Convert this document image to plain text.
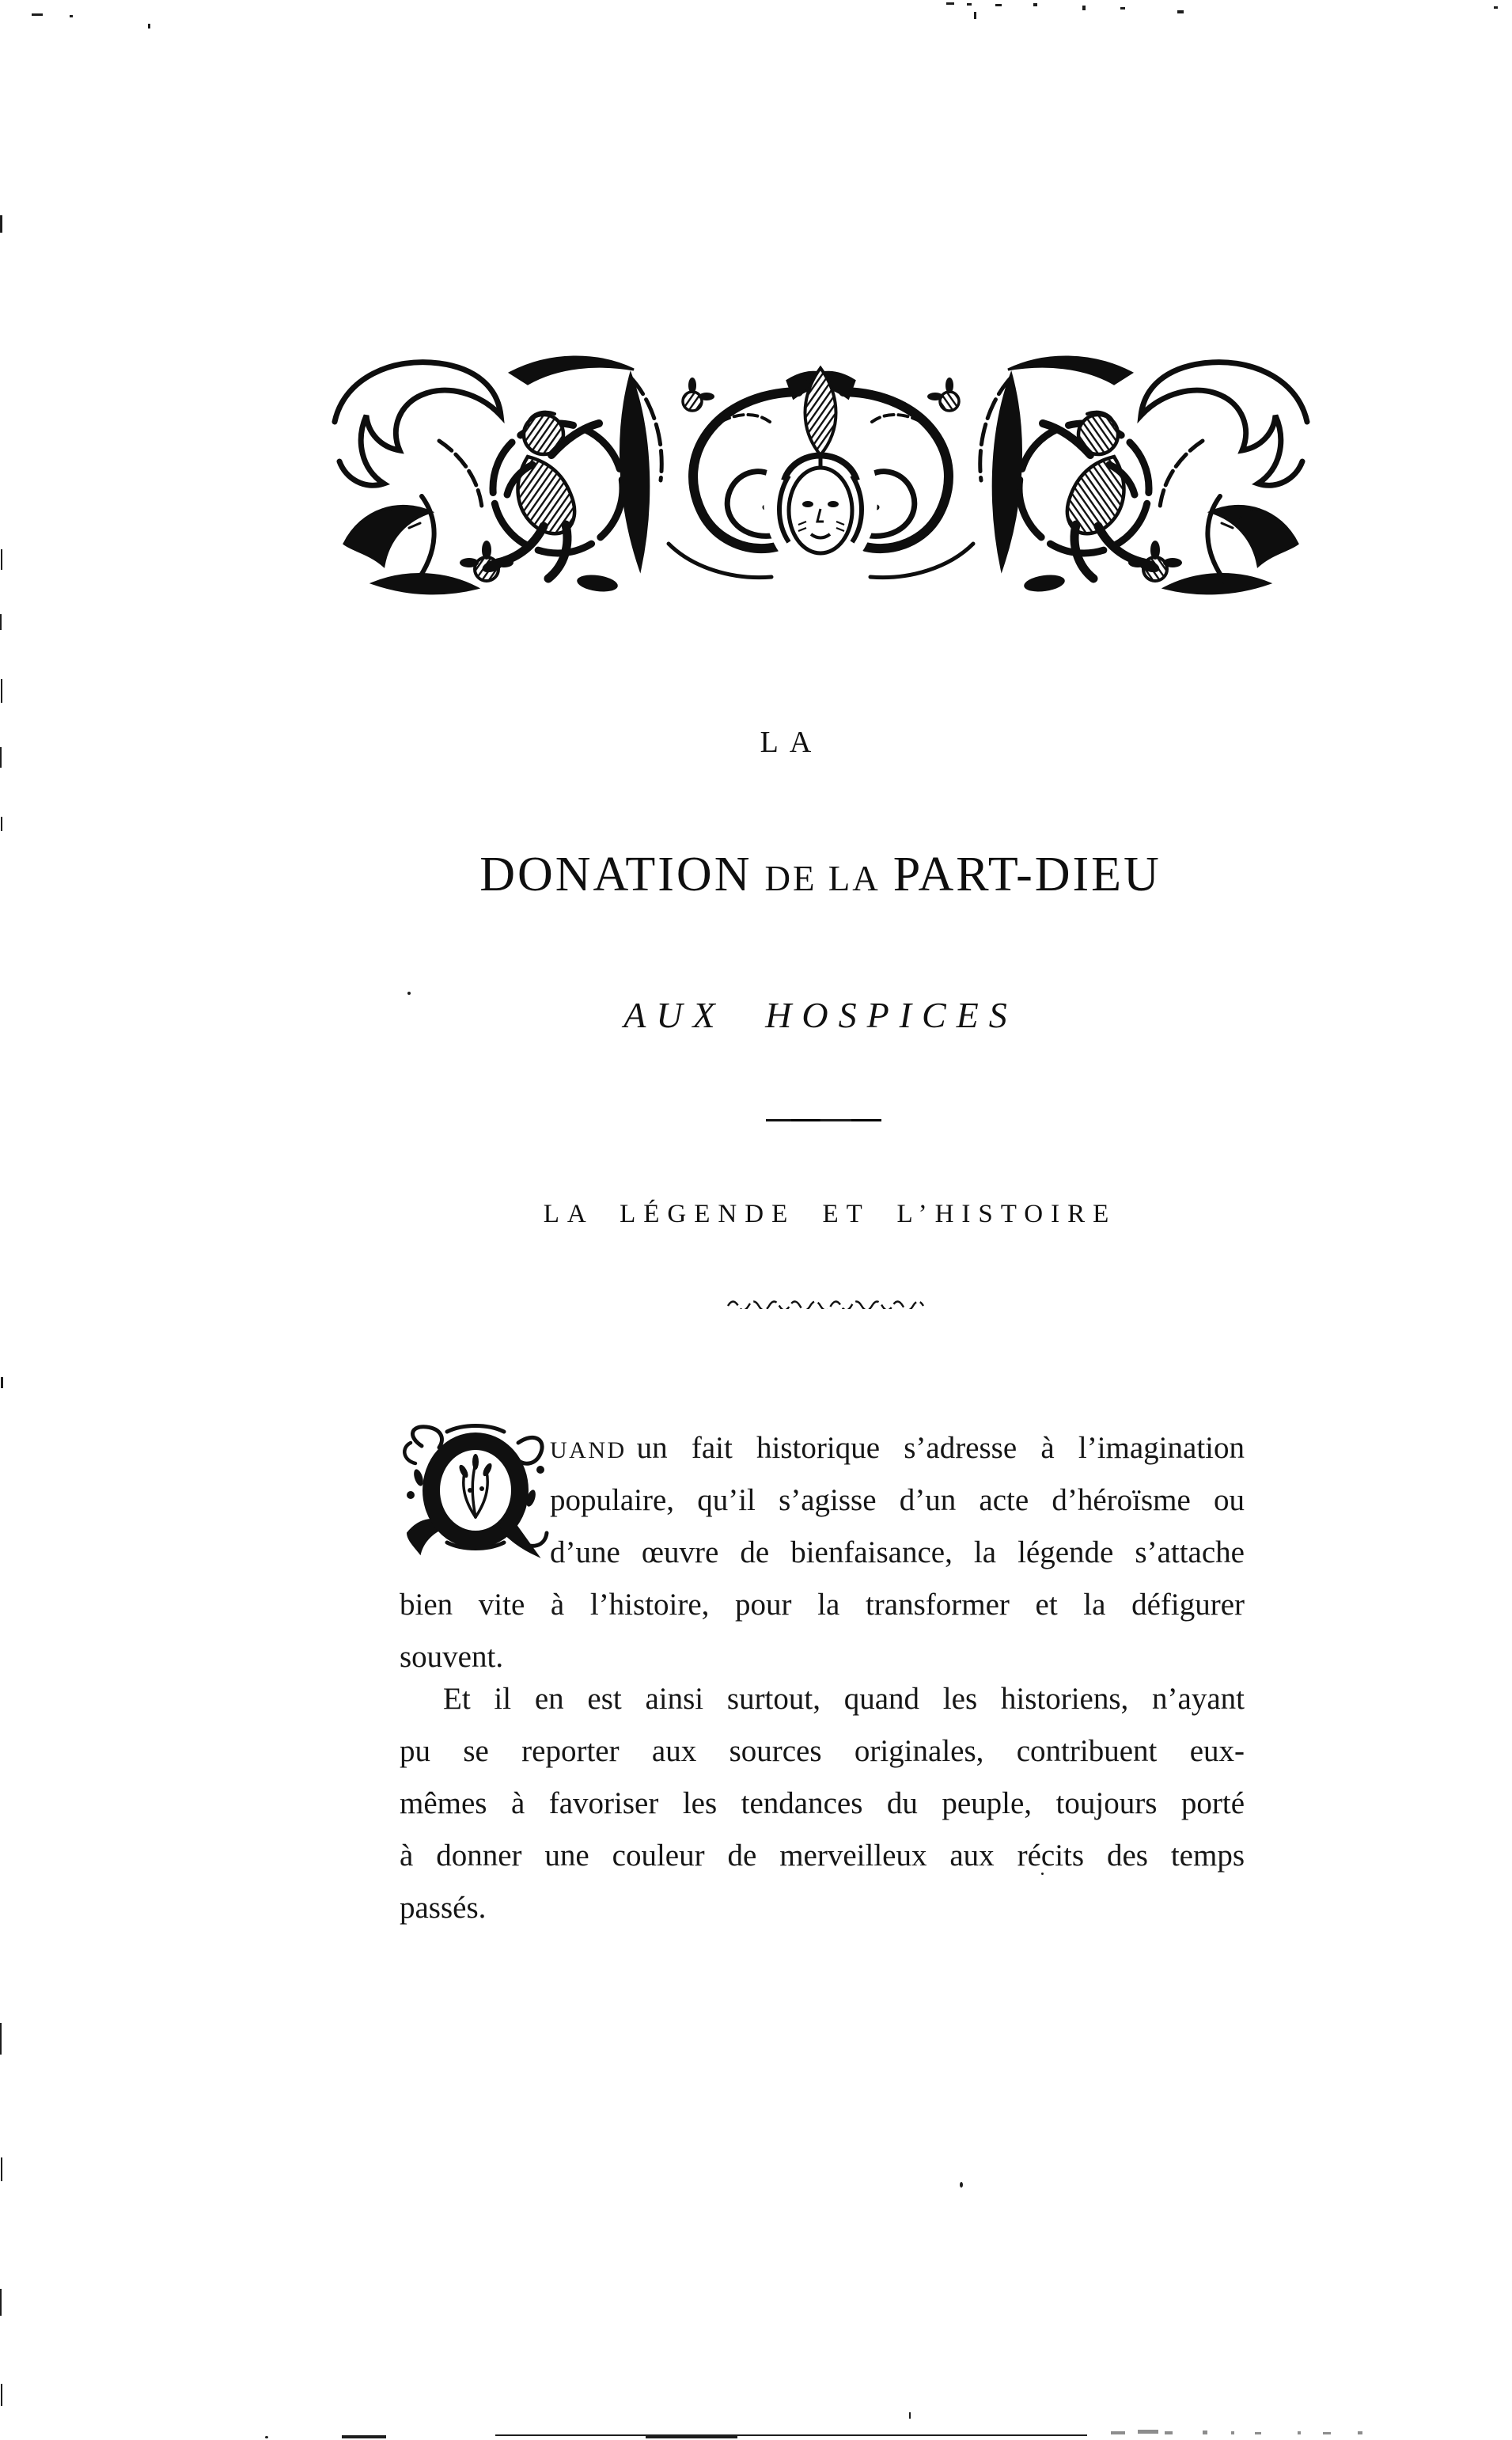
LA
DONATION DE LA PART-DIEU
AUX HOSPICES
LA LÉGENDE ET L’HISTOIRE
UAND un fait historique s’adresse à l’imagination
populaire, qu’il s’agisse d’un acte d’héroïsme ou
d’une œuvre de bienfaisance, la légende s’attache
bien vite à l’histoire, pour la transformer et la défigurer
souvent.
Et il en est ainsi surtout, quand les historiens, n’ayant
pu se reporter aux sources originales, contribuent eux-
mêmes à favoriser les tendances du peuple, toujours porté
à donner une couleur de merveilleux aux récits des temps
passés.
